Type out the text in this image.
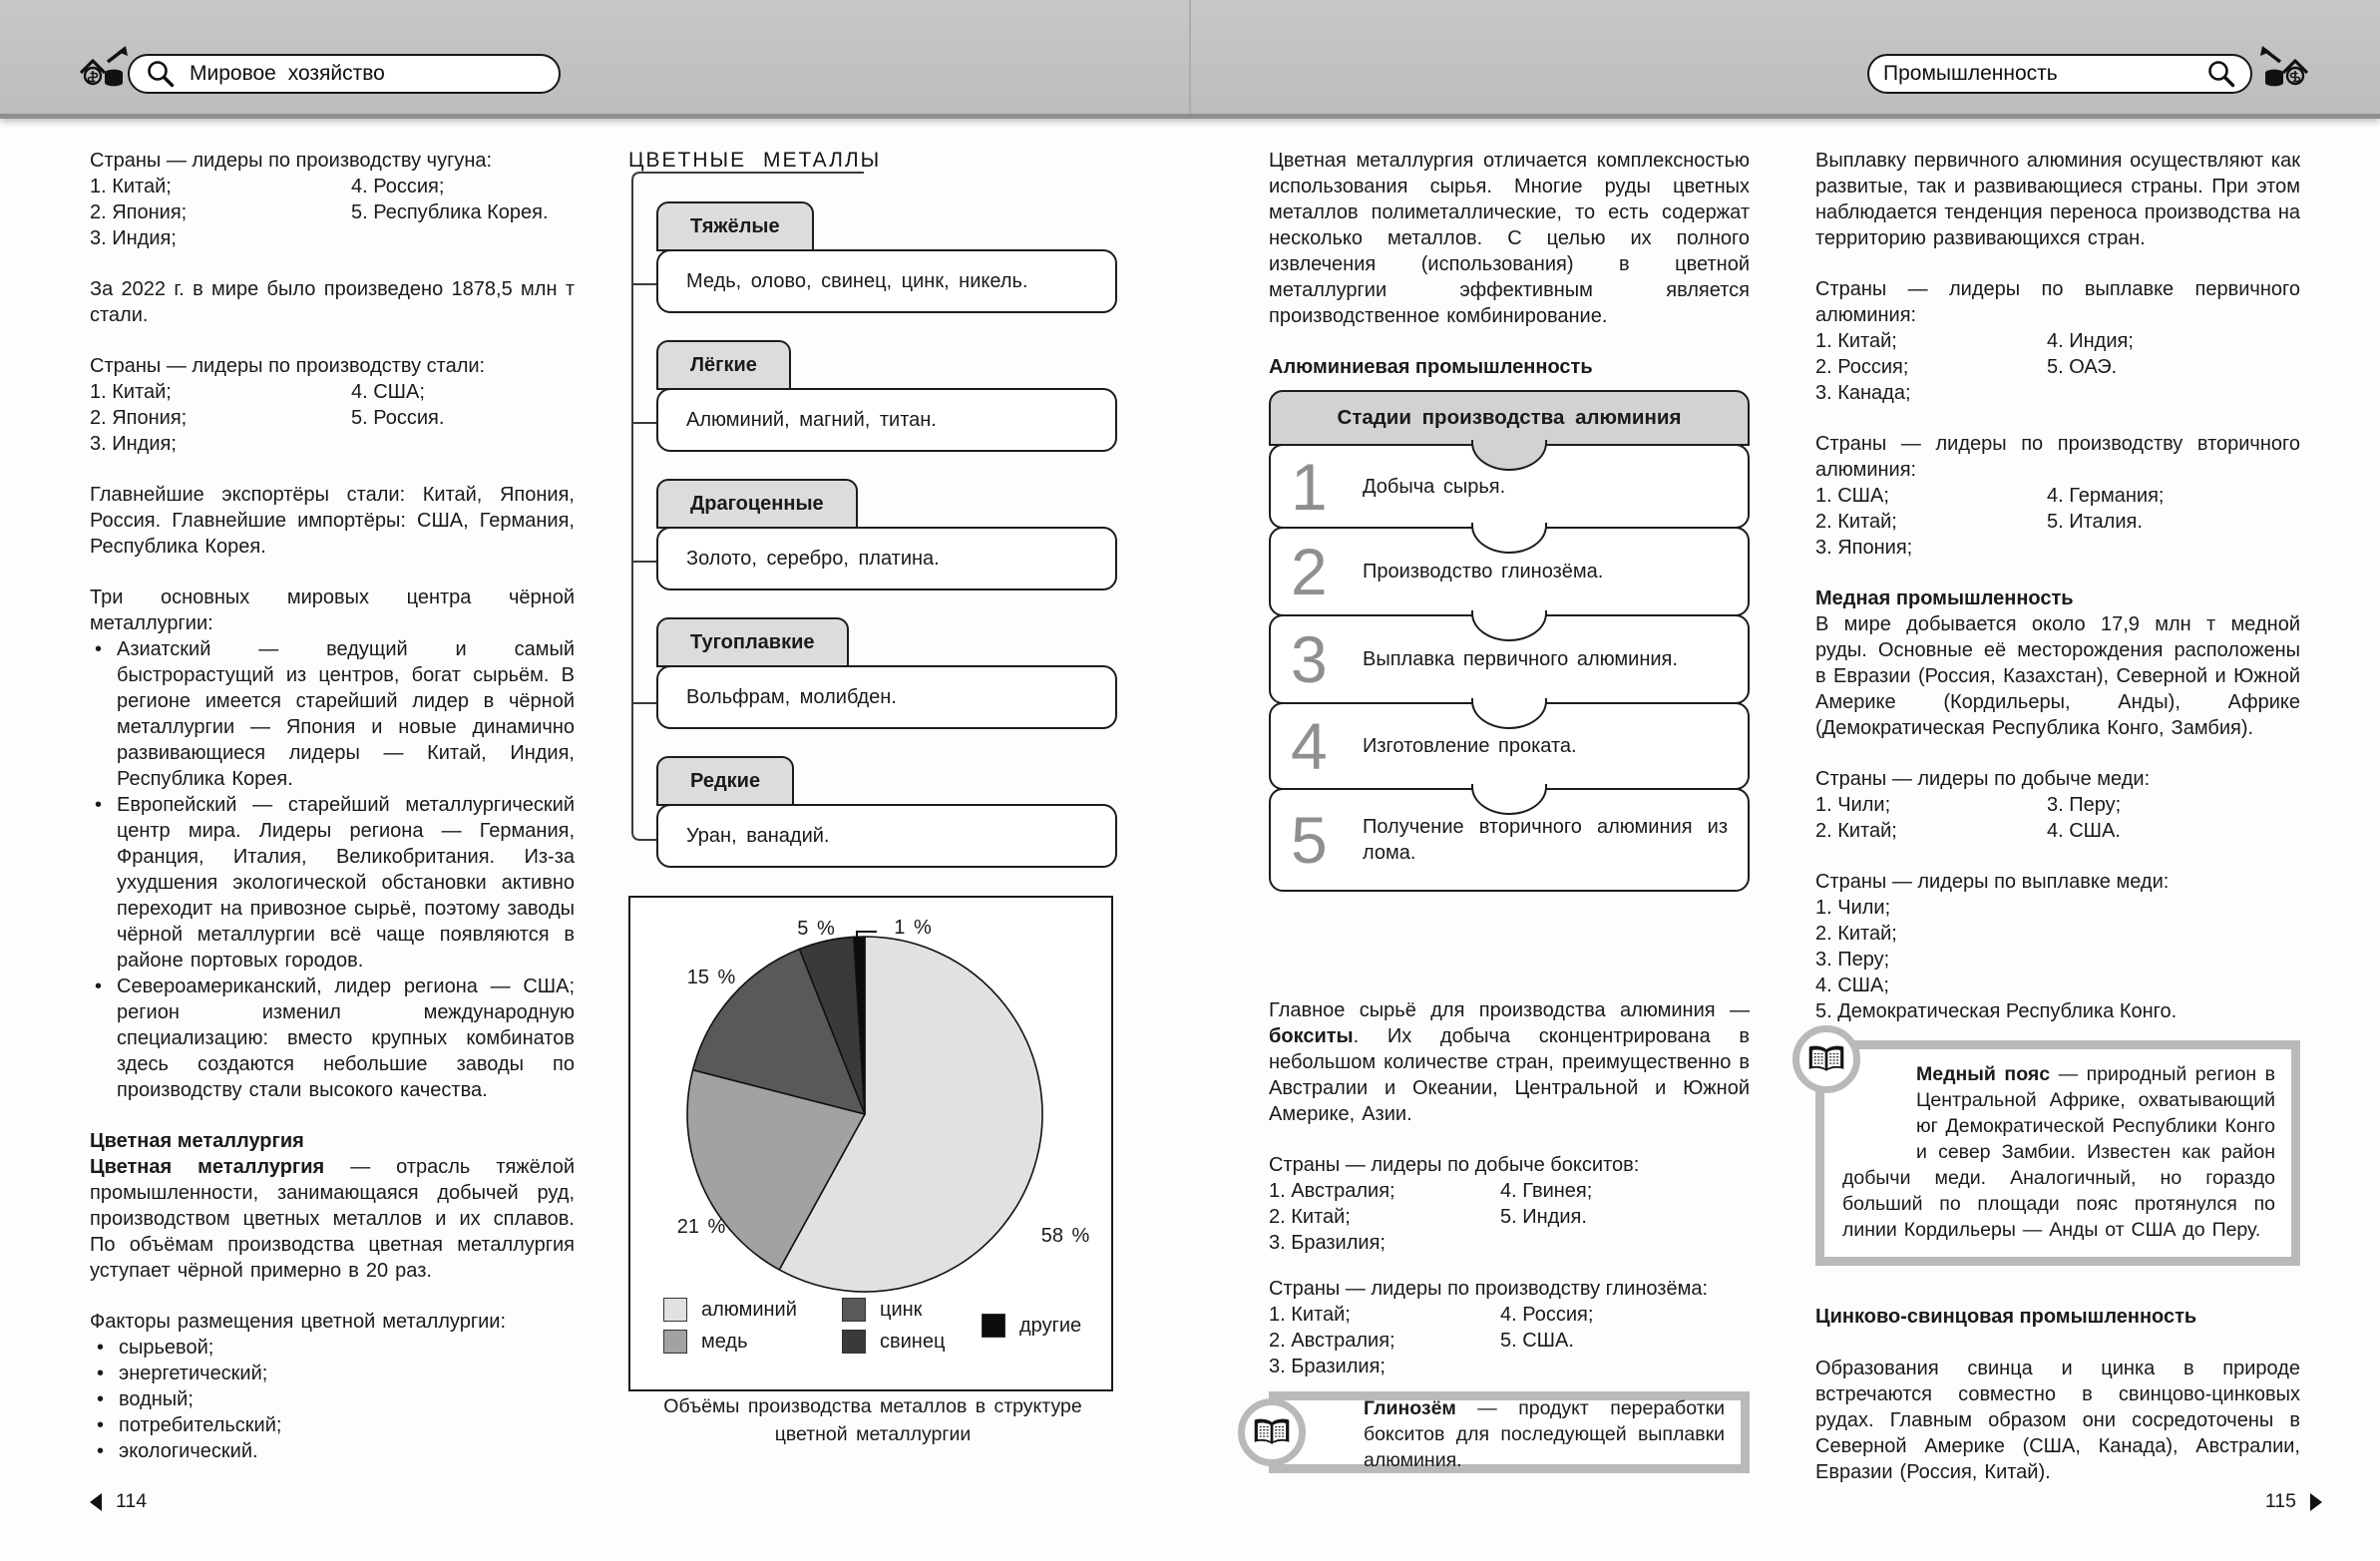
Мировое хозяйство	Промышленность
Страны — лидеры по производству чугуна:
1. Китай;	4. Россия;
2. Япония;	5. Республика Корея.
3. Индия;

За 2022 г. в мире было произведено 1878,5 млн т стали.

Страны — лидеры по производству стали:
1. Китай;	4. США;
2. Япония;	5. Россия.
3. Индия;

Главнейшие экспортёры стали: Китай, Япония, Россия. Главнейшие импортёры: США, Германия, Республика Корея.

Три основных мировых центра чёрной металлургии:

• Азиатский — ведущий и самый быстрорастущий из центров, богат сырьём. В регионе имеется старейший лидер в чёрной металлургии — Япония и новые динамично развивающиеся лидеры — Китай, Индия, Республика Корея.
• Европейский — старейший металлургический центр мира. Лидеры региона — Германия, Франция, Италия, Великобритания. Из-за ухудшения экологической обстановки активно переходит на привозное сырьё, поэтому заводы чёрной металлургии всё чаще появляются в районе портовых городов.
• Североамериканский, лидер региона — США; регион изменил международную специализацию: вместо крупных комбинатов здесь создаются небольшие заводы по производству стали высокого качества.

Цветная металлургия

Цветная металлургия — отрасль тяжёлой промышленности, занимающаяся добычей руд, производством цветных металлов и их сплавов. По объёмам производства цветная металлургия уступает чёрной примерно в 20 раз.

Факторы размещения цветной металлургии:

• сырьевой;
• энергетический;
• водный;
• потребительский;
• экологический.
ЦВЕТНЫЕ МЕТАЛЛЫ
Тяжёлые
Медь, олово, свинец, цинк, никель.
Лёгкие
Алюминий, магний, титан.
Драгоценные
Золото, серебро, платина.
Тугоплавкие
Вольфрам, молибден.
Редкие
Уран, ванадий.
58 %
21 %
15 %
5 %	1 %
алюминий
медь
цинк
свинец
другие
Объёмы производства металлов в структуре цветной металлургии

Цветная металлургия отличается комплексностью использования сырья. Многие руды цветных металлов полиметаллические, то есть содержат несколько металлов. С целью их полного извлечения (использования) в цветной металлургии эффективным является производственное комбинирование.

Алюминиевая промышленность

Стадии производства алюминия
1	Добыча сырья.
2	Производство глинозёма.
3	Выплавка первичного алюминия.
4	Изготовление проката.
5	Получение вторичного алюминия из лома.

Главное сырьё для производства алюминия — бокситы. Их добыча сконцентрирована в небольшом количестве стран, преимущественно в Австралии и Океании, Центральной и Южной Америке, Азии.

Страны — лидеры по добыче бокситов:
1. Австралия;	4. Гвинея;
2. Китай;	5. Индия.
3. Бразилия;
Страны — лидеры по производству глинозёма:
1. Китай;	4. Россия;
2. Австралия;	5. США.
3. Бразилия;
Глинозём — продукт переработки бокситов для последующей выплавки алюминия.

Выплавку первичного алюминия осуществляют как развитые, так и развивающиеся страны. При этом наблюдается тенденция переноса производства на территорию развивающихся стран.

Страны — лидеры по выплавке первичного алюминия:
1. Китай;	4. Индия;
2. Россия;	5. ОАЭ.
3. Канада;
Страны — лидеры по производству вторичного алюминия:
1. США;	4. Германия;
2. Китай;	5. Италия.
3. Япония;

Медная промышленность

В мире добывается около 17,9 млн т медной руды. Основные её месторождения расположены в Евразии (Россия, Казахстан), Северной и Южной Америке (Кордильеры, Анды), Африке (Демократическая Республика Конго, Замбия).

Страны — лидеры по добыче меди:
1. Чили;	3. Перу;
2. Китай;	4. США.
Страны — лидеры по выплавке меди:
1. Чили;
2. Китай;
3. Перу;
4. США;
5. Демократическая Республика Конго.
Медный пояс — природный регион в Центральной Африке, охватывающий юг Демократической Республики Конго и север Замбии. Известен как район добычи меди. Аналогичный, но гораздо больший по площади пояс протянулся по линии Кордильеры — Анды от США до Перу.

Цинково-свинцовая промышленность

Образования свинца и цинка в природе встречаются совместно в свинцово-цинковых рудах. Главным образом они сосредоточены в Северной Америке (США, Канада), Австралии, Евразии (Россия, Китай).

114	115
